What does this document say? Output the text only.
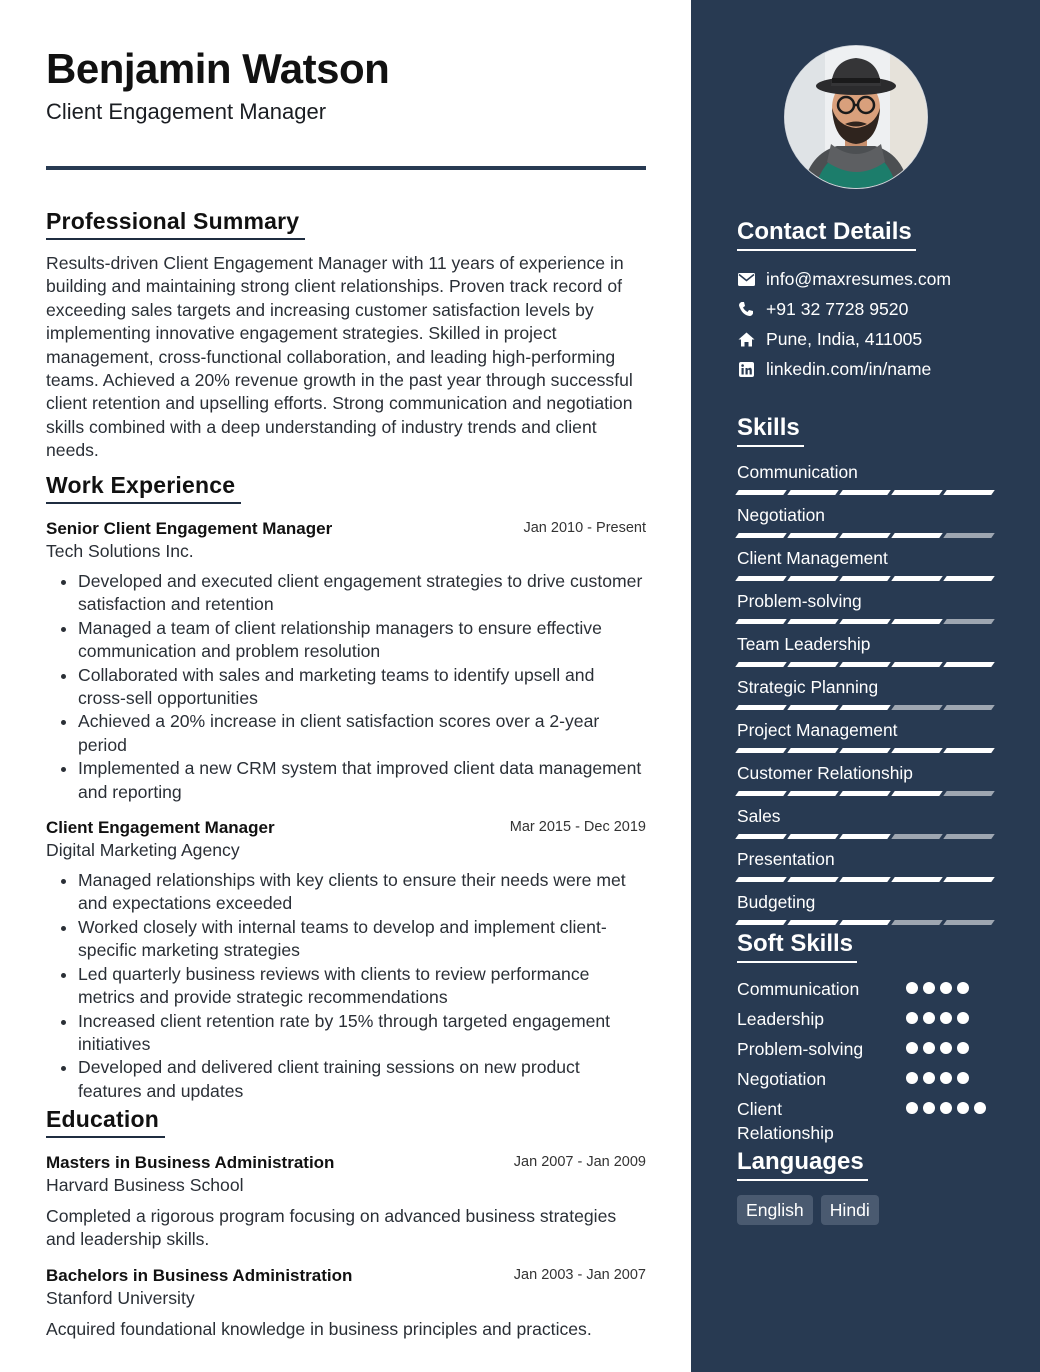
Benjamin Watson
Client Engagement Manager
Professional Summary

Results-driven Client Engagement Manager with 11 years of experience in building and maintaining strong client relationships. Proven track record of exceeding sales targets and increasing customer satisfaction levels by implementing innovative engagement strategies. Skilled in project management, cross-functional collaboration, and leading high-performing teams. Achieved a 20% revenue growth in the past year through successful client retention and upselling efforts. Strong communication and negotiation skills combined with a deep understanding of industry trends and client needs.

Work Experience
Senior Client Engagement Manager	Jan 2010 - Present
Tech Solutions Inc.
• Developed and executed client engagement strategies to drive customer satisfaction and retention
• Managed a team of client relationship managers to ensure effective communication and problem resolution
• Collaborated with sales and marketing teams to identify upsell and cross-sell opportunities
• Achieved a 20% increase in client satisfaction scores over a 2-year period
• Implemented a new CRM system that improved client data management and reporting
Client Engagement Manager	Mar 2015 - Dec 2019
Digital Marketing Agency
• Managed relationships with key clients to ensure their needs were met and expectations exceeded
• Worked closely with internal teams to develop and implement client-specific marketing strategies
• Led quarterly business reviews with clients to review performance metrics and provide strategic recommendations
• Increased client retention rate by 15% through targeted engagement initiatives
• Developed and delivered client training sessions on new product features and updates
Education
Masters in Business Administration	Jan 2007 - Jan 2009
Harvard Business School

Completed a rigorous program focusing on advanced business strategies and leadership skills.

Bachelors in Business Administration	Jan 2003 - Jan 2007
Stanford University

Acquired foundational knowledge in business principles and practices.

Contact Details
info@maxresumes.com
+91 32 7728 9520
Pune, India, 411005
linkedin.com/in/name
Skills
Communication
Negotiation
Client Management
Problem-solving
Team Leadership
Strategic Planning
Project Management
Customer Relationship
Sales
Presentation
Budgeting
Soft Skills
Communication
Leadership
Problem-solving
Negotiation
Client Relationship
Languages
English	Hindi
